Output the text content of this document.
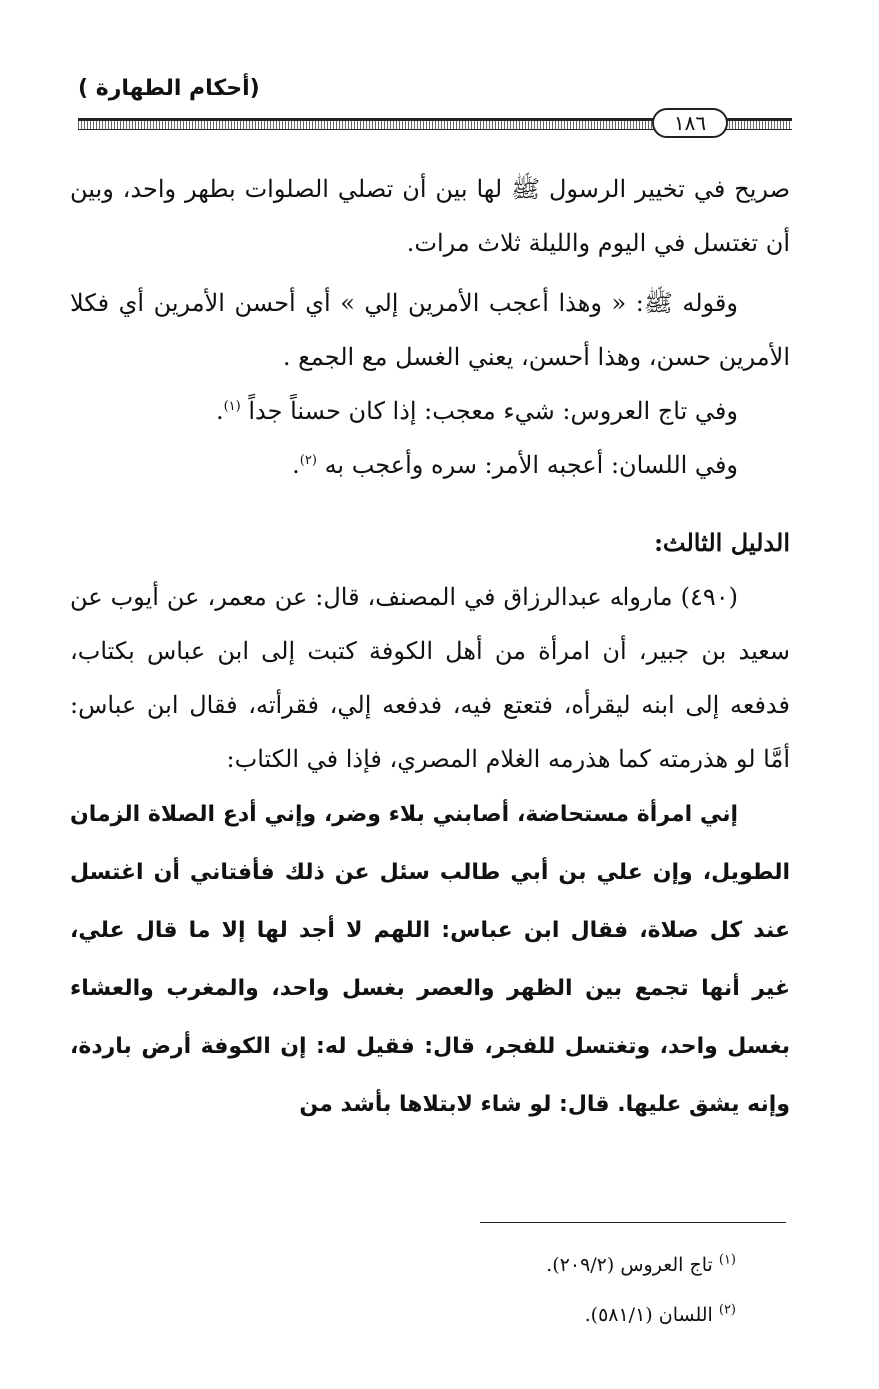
(أحكام الطهارة )
١٨٦

صريح في تخيير الرسول ﷺ لها بين أن تصلي الصلوات بطهر واحد، وبين أن تغتسل في اليوم والليلة ثلاث مرات.

وقوله ﷺ: « وهذا أعجب الأمرين إلي » أي أحسن الأمرين أي فكلا الأمرين حسن، وهذا أحسن، يعني الغسل مع الجمع .

وفي تاج العروس: شيء معجب: إذا كان حسناً جداً $^{(١)}$.

وفي اللسان: أعجبه الأمر: سره وأعجب به $^{(٢)}$.

الدليل الثالث:

(٤٩٠) ماروا‍ه عبدالرزاق في المصنف، قال: عن معمر، عن أيوب عن سعيد بن جبير، أن امرأة من أهل الكوفة كتبت إلى ابن عباس بكتاب، فدفعه إلى ابنه ليقرأه، فتعتع فيه، فدفعه إلي، فقرأته، فقال ابن عباس: أمَّا لو هذرمته كما هذرمه الغلام المصري، فإذا في الكتاب:

إني امرأة مستحاضة، أصابني بلاء وضر، وإني أدع الصلاة الزمان الطويل، وإن علي بن أبي طالب سئل عن ذلك فأفتاني أن اغتسل عند كل صلاة، فقال ابن عباس: اللهم لا أجد لها إلا ما قال علي، غير أنها تجمع بين الظهر والعصر بغسل واحد، والمغرب والعشاء بغسل واحد، وتغتسل للفجر، قال: فقيل له: إن الكوفة أرض باردة، وإنه يشق عليها. قال: لو شاء لابتلاها بأشد من

$^{(١)}$ تاج العروس (٢٠٩/٢).

$^{(٢)}$ اللسان (٥٨١/١).
